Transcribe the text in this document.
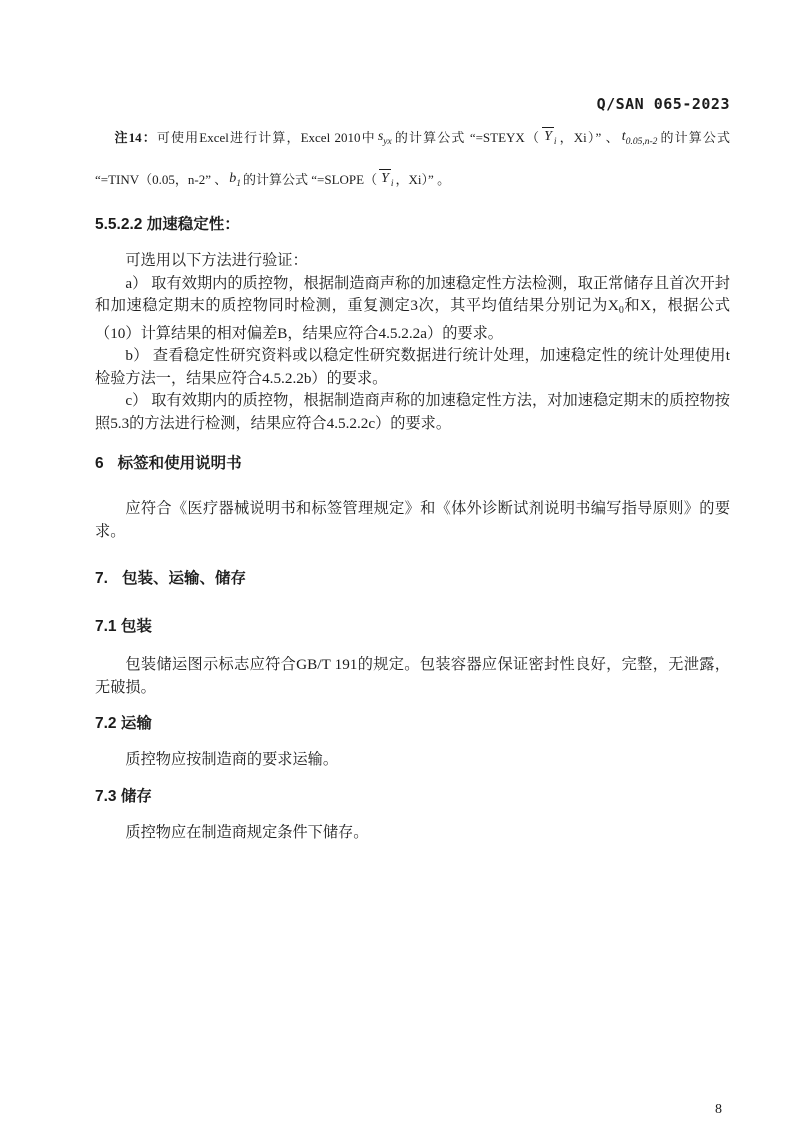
Q/SAN 065-2023

注14：可使用Excel进行计算，Excel 2010中 $s_{yx}$ 的计算公式 “=STEYX（ Y $_i$ ，Xi）” 、 $t_{0.05,n-2}$ 的计算公式 “=TINV（0.05，n-2” 、 $b_1$ 的计算公式 “=SLOPE（ Y $_i$ ，Xi）” 。

5.5.2.2 加速稳定性：

可选用以下方法进行验证：

a） 取有效期内的质控物，根据制造商声称的加速稳定性方法检测，取正常储存且首次开封和加速稳定期末的质控物同时检测，重复测定3次，其平均值结果分别记为$X_0$和X，根据公式（10）计算结果的相对偏差B，结果应符合4.5.2.2a）的要求。

b） 查看稳定性研究资料或以稳定性研究数据进行统计处理，加速稳定性的统计处理使用t检验方法一，结果应符合4.5.2.2b）的要求。

c） 取有效期内的质控物，根据制造商声称的加速稳定性方法，对加速稳定期末的质控物按照5.3的方法进行检测，结果应符合4.5.2.2c）的要求。

6 标签和使用说明书

应符合《医疗器械说明书和标签管理规定》和《体外诊断试剂说明书编写指导原则》的要求。

7. 包装、运输、储存
7.1 包装

包装储运图示标志应符合GB/T 191的规定。包装容器应保证密封性良好，完整，无泄露，无破损。

7.2 运输

质控物应按制造商的要求运输。

7.3 储存

质控物应在制造商规定条件下储存。

8
